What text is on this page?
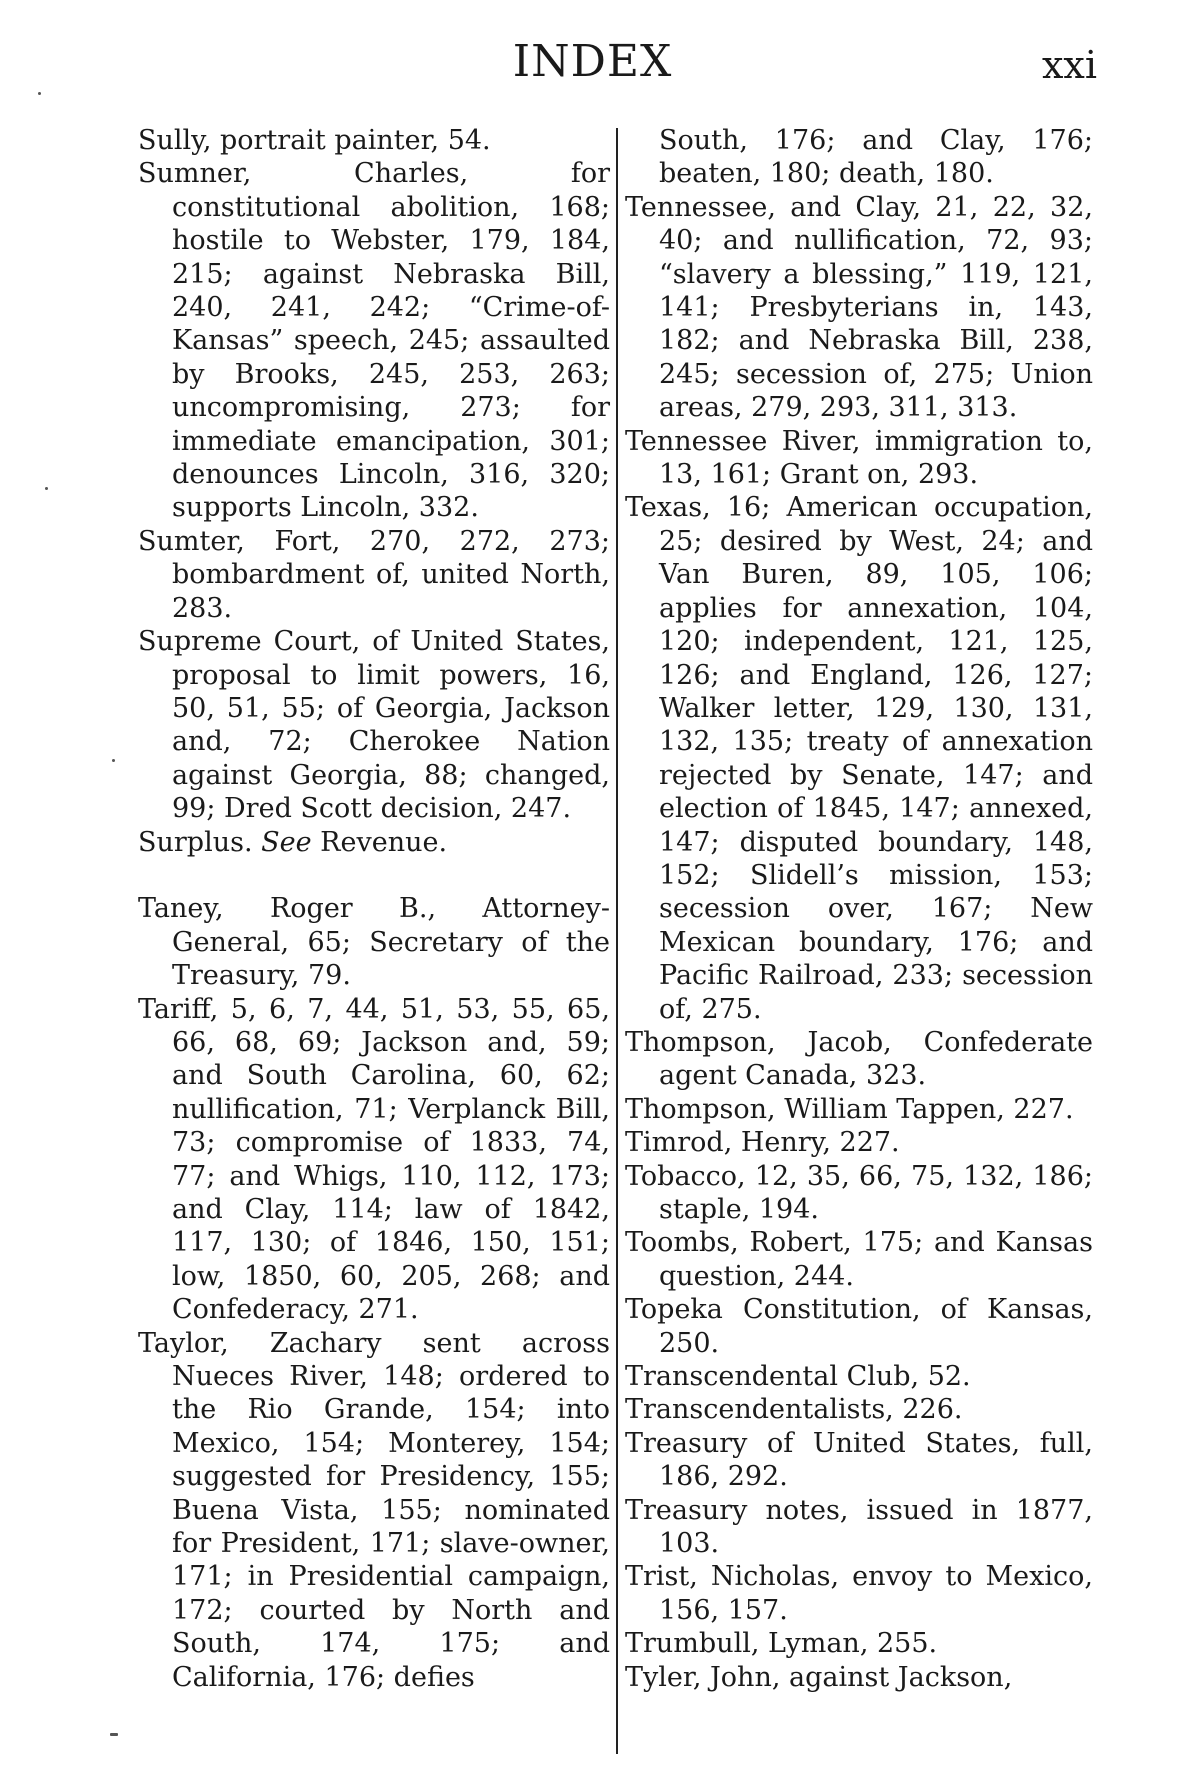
INDEX	xxi
Sully, portrait painter, 54.
Sumner, Charles, for constitutional abolition, 168; hostile to Webster, 179, 184, 215; against Nebraska Bill, 240, 241, 242; “Crime-of-Kansas” speech, 245; assaulted by Brooks, 245, 253, 263; uncompromising, 273; for immediate emancipation, 301; denounces Lincoln, 316, 320; supports Lincoln, 332.
Sumter, Fort, 270, 272, 273; bombardment of, united North, 283.
Supreme Court, of United States, proposal to limit powers, 16, 50, 51, 55; of Georgia, Jackson and, 72; Cherokee Nation against Georgia, 88; changed, 99; Dred Scott decision, 247.
Surplus. See Revenue.
Taney, Roger B., Attorney-General, 65; Secretary of the Treasury, 79.
Tariff, 5, 6, 7, 44, 51, 53, 55, 65, 66, 68, 69; Jackson and, 59; and South Carolina, 60, 62; nullification, 71; Verplanck Bill, 73; compromise of 1833, 74, 77; and Whigs, 110, 112, 173; and Clay, 114; law of 1842, 117, 130; of 1846, 150, 151; low, 1850, 60, 205, 268; and Confederacy, 271.
Taylor, Zachary sent across Nueces River, 148; ordered to the Rio Grande, 154; into Mexico, 154; Monterey, 154; suggested for Presidency, 155; Buena Vista, 155; nominated for President, 171; slave-owner, 171; in Presidential campaign, 172; courted by North and South, 174, 175; and California, 176; defies
South, 176; and Clay, 176; beaten, 180; death, 180.
Tennessee, and Clay, 21, 22, 32, 40; and nullification, 72, 93; “slavery a blessing,” 119, 121, 141; Presbyterians in, 143, 182; and Nebraska Bill, 238, 245; secession of, 275; Union areas, 279, 293, 311, 313.
Tennessee River, immigration to, 13, 161; Grant on, 293.
Texas, 16; American occupation, 25; desired by West, 24; and Van Buren, 89, 105, 106; applies for annexation, 104, 120; independent, 121, 125, 126; and England, 126, 127; Walker letter, 129, 130, 131, 132, 135; treaty of annexation rejected by Senate, 147; and election of 1845, 147; annexed, 147; disputed boundary, 148, 152; Slidell’s mission, 153; secession over, 167; New Mexican boundary, 176; and Pacific Railroad, 233; secession of, 275.
Thompson, Jacob, Confederate agent Canada, 323.
Thompson, William Tappen, 227.
Timrod, Henry, 227.
Tobacco, 12, 35, 66, 75, 132, 186; staple, 194.
Toombs, Robert, 175; and Kansas question, 244.
Topeka Constitution, of Kansas, 250.
Transcendental Club, 52.
Transcendentalists, 226.
Treasury of United States, full, 186, 292.
Treasury notes, issued in 1877, 103.
Trist, Nicholas, envoy to Mexico, 156, 157.
Trumbull, Lyman, 255.
Tyler, John, against Jackson,
